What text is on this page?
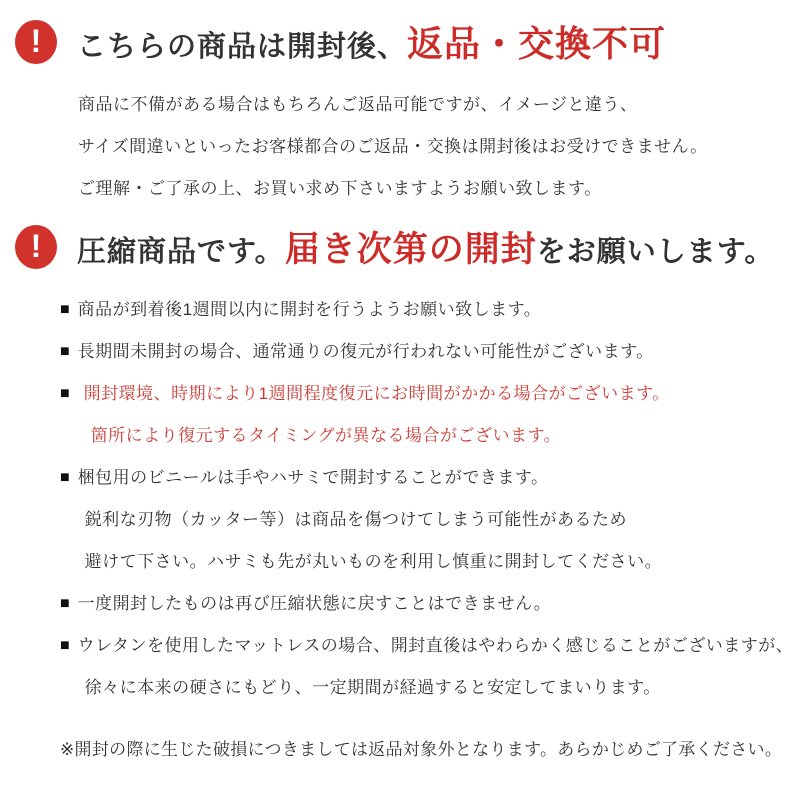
! こちらの商品は開封後、 返品・交換不可

商品に不備がある場合はもちろんご返品可能ですが、イメージと違う、

サイズ間違いといったお客様都合のご返品・交換は開封後はお受けできません。

ご理解・ご了承の上、お買い求め下さいますようお願い致します。

! 圧縮商品です。 届き次第の開封 をお願いします。
■ 商品が到着後1週間以内に開封を行うようお願い致します。
■ 長期間未開封の場合、通常通りの復元が行われない可能性がございます。
■ 開封環境、時期により1週間程度復元にお時間がかかる場合がございます。
箇所により復元するタイミングが異なる場合がございます。
■ 梱包用のビニールは手やハサミで開封することができます。
鋭利な刃物（カッター等）は商品を傷つけてしまう可能性があるため
避けて下さい。ハサミも先が丸いものを利用し慎重に開封してください。
■ 一度開封したものは再び圧縮状態に戻すことはできません。
■ ウレタンを使用したマットレスの場合、開封直後はやわらかく感じることがございますが、
徐々に本来の硬さにもどり、一定期間が経過すると安定してまいります。
※開封の際に生じた破損につきましては返品対象外となります。あらかじめご了承ください。
